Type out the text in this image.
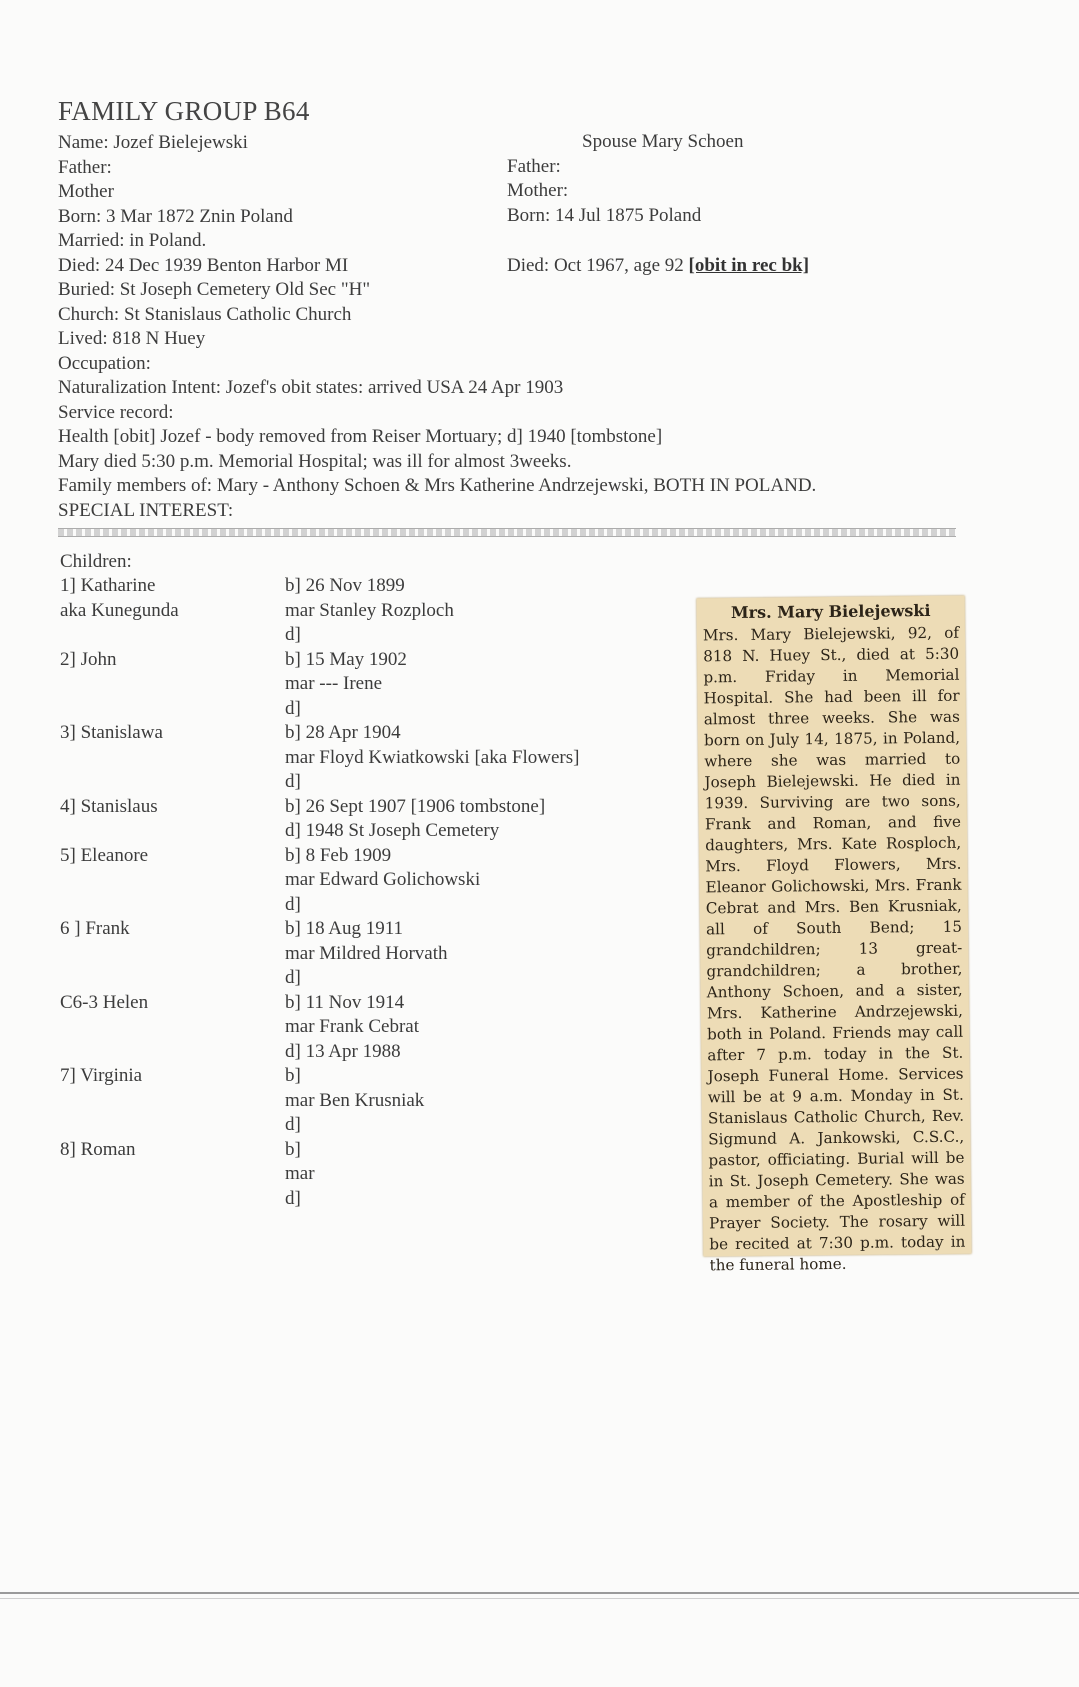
FAMILY GROUP B64
Name: Jozef Bielejewski
Father:
Mother
Born: 3 Mar 1872 Znin Poland
Married: in Poland.
Died: 24 Dec 1939 Benton Harbor MI
Buried: St Joseph Cemetery Old Sec "H"
Church: St Stanislaus Catholic Church
Lived: 818 N Huey
Occupation:
Naturalization Intent: Jozef's obit states: arrived USA 24 Apr 1903
Service record:
Health [obit] Jozef - body removed from Reiser Mortuary; d] 1940 [tombstone]
Mary died 5:30 p.m. Memorial Hospital; was ill for almost 3weeks.
Family members of: Mary - Anthony Schoen & Mrs Katherine Andrzejewski, BOTH IN POLAND.
SPECIAL INTEREST:
Spouse Mary Schoen
Father:
Mother:
Born: 14 Jul 1875 Poland
Died: Oct 1967, age 92 [obit in rec bk]
Children:
1] Katharine	b] 26 Nov 1899
aka Kunegunda	mar Stanley Rozploch
d]
2] John	b] 15 May 1902
mar --- Irene
d]
3] Stanislawa	b] 28 Apr 1904
mar Floyd Kwiatkowski [aka Flowers]
d]
4] Stanislaus	b] 26 Sept 1907 [1906 tombstone]
d] 1948 St Joseph Cemetery
5] Eleanore	b] 8 Feb 1909
mar Edward Golichowski
d]
6 ] Frank	b] 18 Aug 1911
mar Mildred Horvath
d]
C6-3 Helen	b] 11 Nov 1914
mar Frank Cebrat
d] 13 Apr 1988
7] Virginia	b]
mar Ben Krusniak
d]
8] Roman	b]
mar
d]
Mrs. Mary Bielejewski
Mrs. Mary Bielejewski, 92, of 818 N. Huey St., died at 5:30 p.m. Friday in Memorial Hospital. She had been ill for almost three weeks. She was born on July 14, 1875, in Poland, where she was married to Joseph Bielejewski. He died in 1939. Surviving are two sons, Frank and Roman, and five daughters, Mrs. Kate Rosploch, Mrs. Floyd Flowers, Mrs. Eleanor Golichowski, Mrs. Frank Cebrat and Mrs. Ben Krusniak, all of South Bend; 15 grandchildren; 13 great-grandchildren; a brother, Anthony Schoen, and a sister, Mrs. Katherine Andrzejewski, both in Poland. Friends may call after 7 p.m. today in the St. Joseph Funeral Home. Services will be at 9 a.m. Monday in St. Stanislaus Catholic Church, Rev. Sigmund A. Jankowski, C.S.C., pastor, officiating. Burial will be in St. Joseph Cemetery. She was a member of the Apostleship of Prayer Society. The rosary will be recited at 7:30 p.m. today in the funeral home.
